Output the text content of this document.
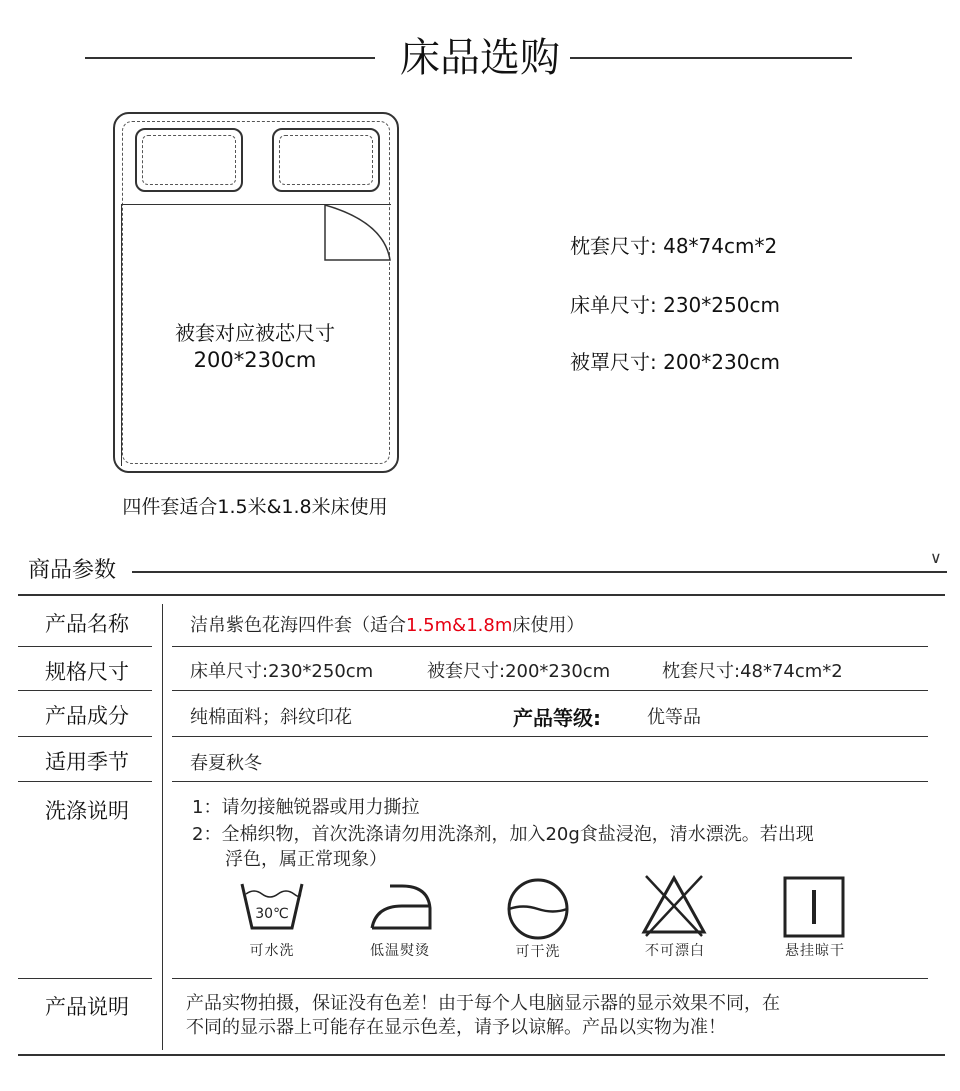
床品选购
被套对应被芯尺寸
200*230cm
四件套适合1.5米&1.8米床使用
枕套尺寸: 48*74cm*2
床单尺寸: 230*250cm
被罩尺寸: 200*230cm
商品参数
∨
产品名称	洁帛紫色花海四件套（适合1.5m&1.8m床使用）
规格尺寸	床单尺寸:230*250cm	被套尺寸:200*230cm	枕套尺寸:48*74cm*2
产品成分	纯棉面料；斜纹印花	产品等级:	优等品
适用季节	春夏秋冬
洗涤说明	1：请勿接触锐器或用力撕拉
2：全棉织物，首次洗涤请勿用洗涤剂，加入20g食盐浸泡，清水漂洗。若出现
浮色，属正常现象）
30℃
可水洗	低温熨烫	可干洗	不可漂白	悬挂晾干
产品说明	产品实物拍摄，保证没有色差！由于每个人电脑显示器的显示效果不同，在
不同的显示器上可能存在显示色差，请予以谅解。产品以实物为准！
